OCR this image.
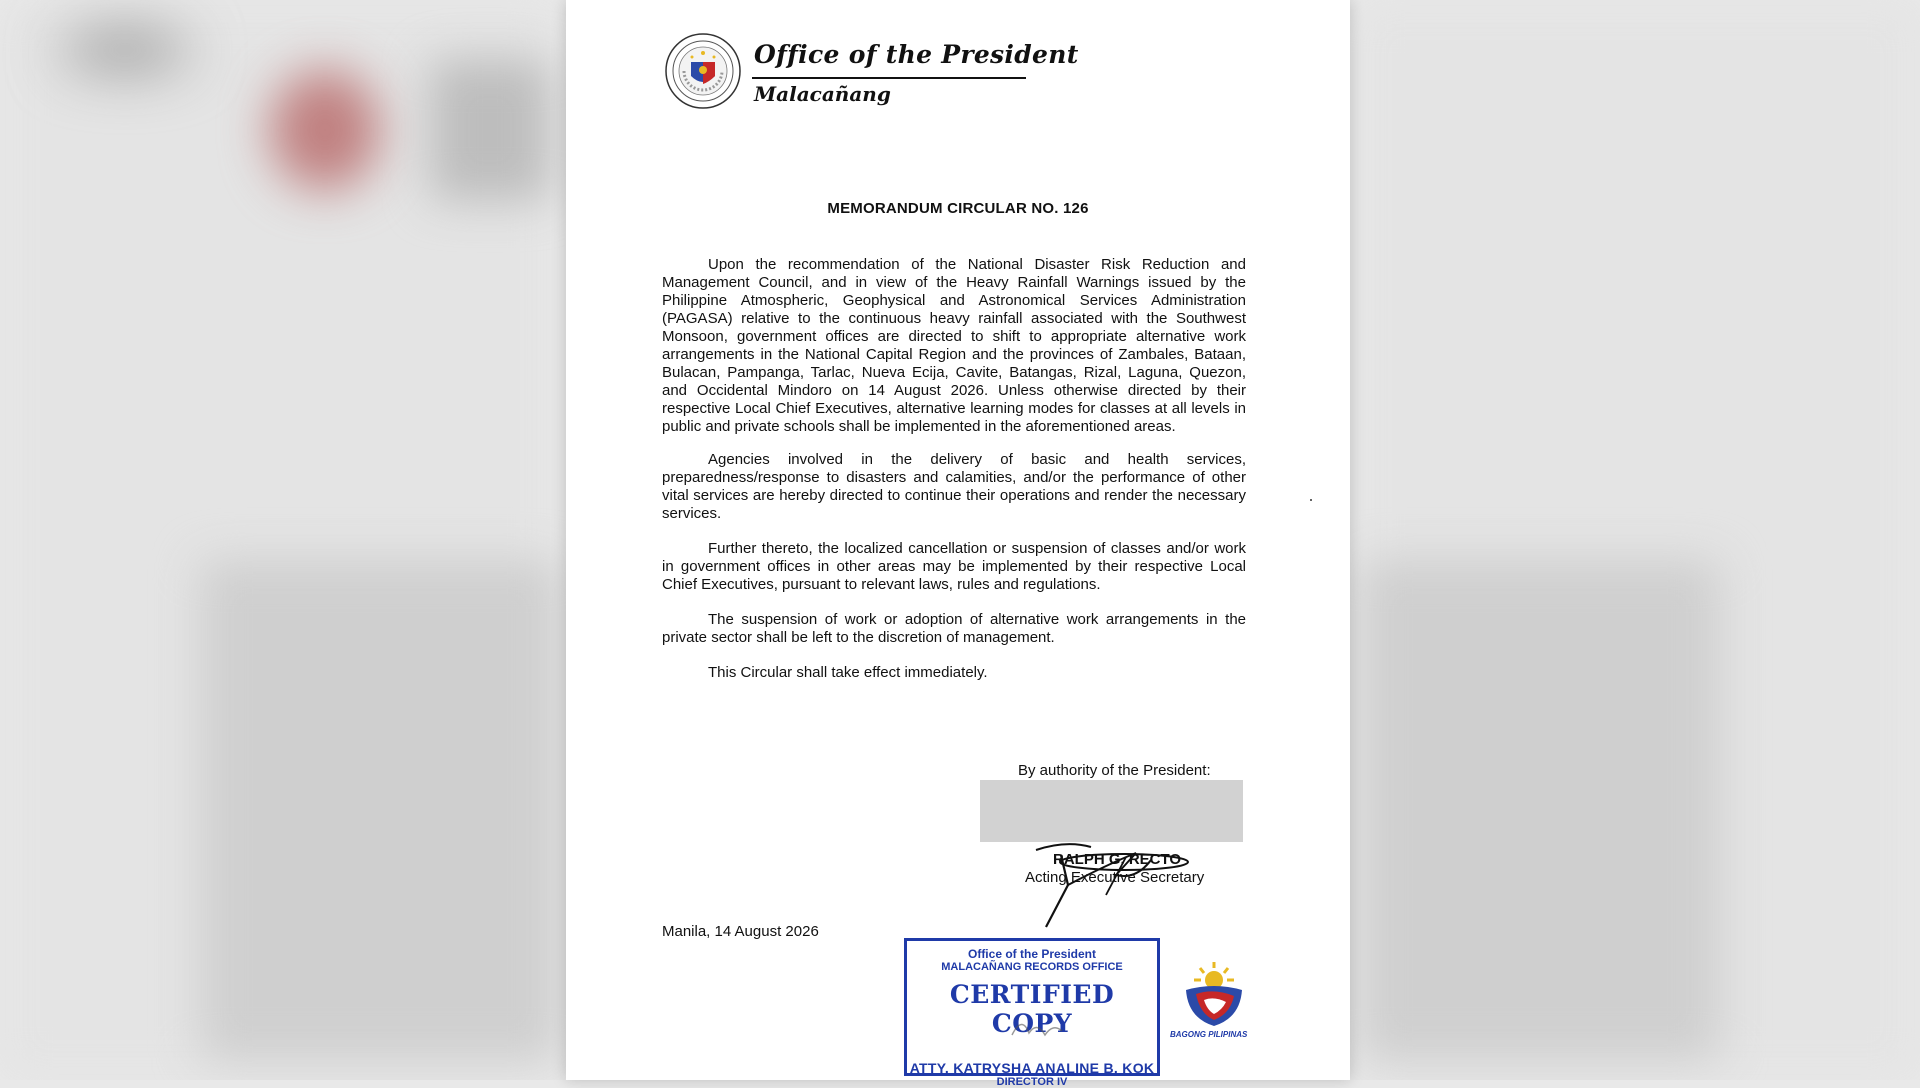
Office of the President
Malacañang
MEMORANDUM CIRCULAR NO. 126

Upon the recommendation of the National Disaster Risk Reduction and Management Council, and in view of the Heavy Rainfall Warnings issued by the Philippine Atmospheric, Geophysical and Astronomical Services Administration (PAGASA) relative to the continuous heavy rainfall associated with the Southwest Monsoon, government offices are directed to shift to appropriate alternative work arrangements in the National Capital Region and the provinces of Zambales, Bataan, Bulacan, Pampanga, Tarlac, Nueva Ecija, Cavite, Batangas, Rizal, Laguna, Quezon, and Occidental Mindoro on 14 August 2026. Unless otherwise directed by their respective Local Chief Executives, alternative learning modes for classes at all levels in public and private schools shall be implemented in the aforementioned areas.

Agencies involved in the delivery of basic and health services, preparedness/response to disasters and calamities, and/or the performance of other vital services are hereby directed to continue their operations and render the necessary services.

Further thereto, the localized cancellation or suspension of classes and/or work in government offices in other areas may be implemented by their respective Local Chief Executives, pursuant to relevant laws, rules and regulations.

The suspension of work or adoption of alternative work arrangements in the private sector shall be left to the discretion of management.

This Circular shall take effect immediately.

By authority of the President:
RALPH G. RECTO
Acting Executive Secretary
Manila, 14 August 2026
Office of the President
MALACAÑANG RECORDS OFFICE
CERTIFIED COPY
ATTY. KATRYSHA ANALINE B. KOK
DIRECTOR IV
BAGONG PILIPINAS
